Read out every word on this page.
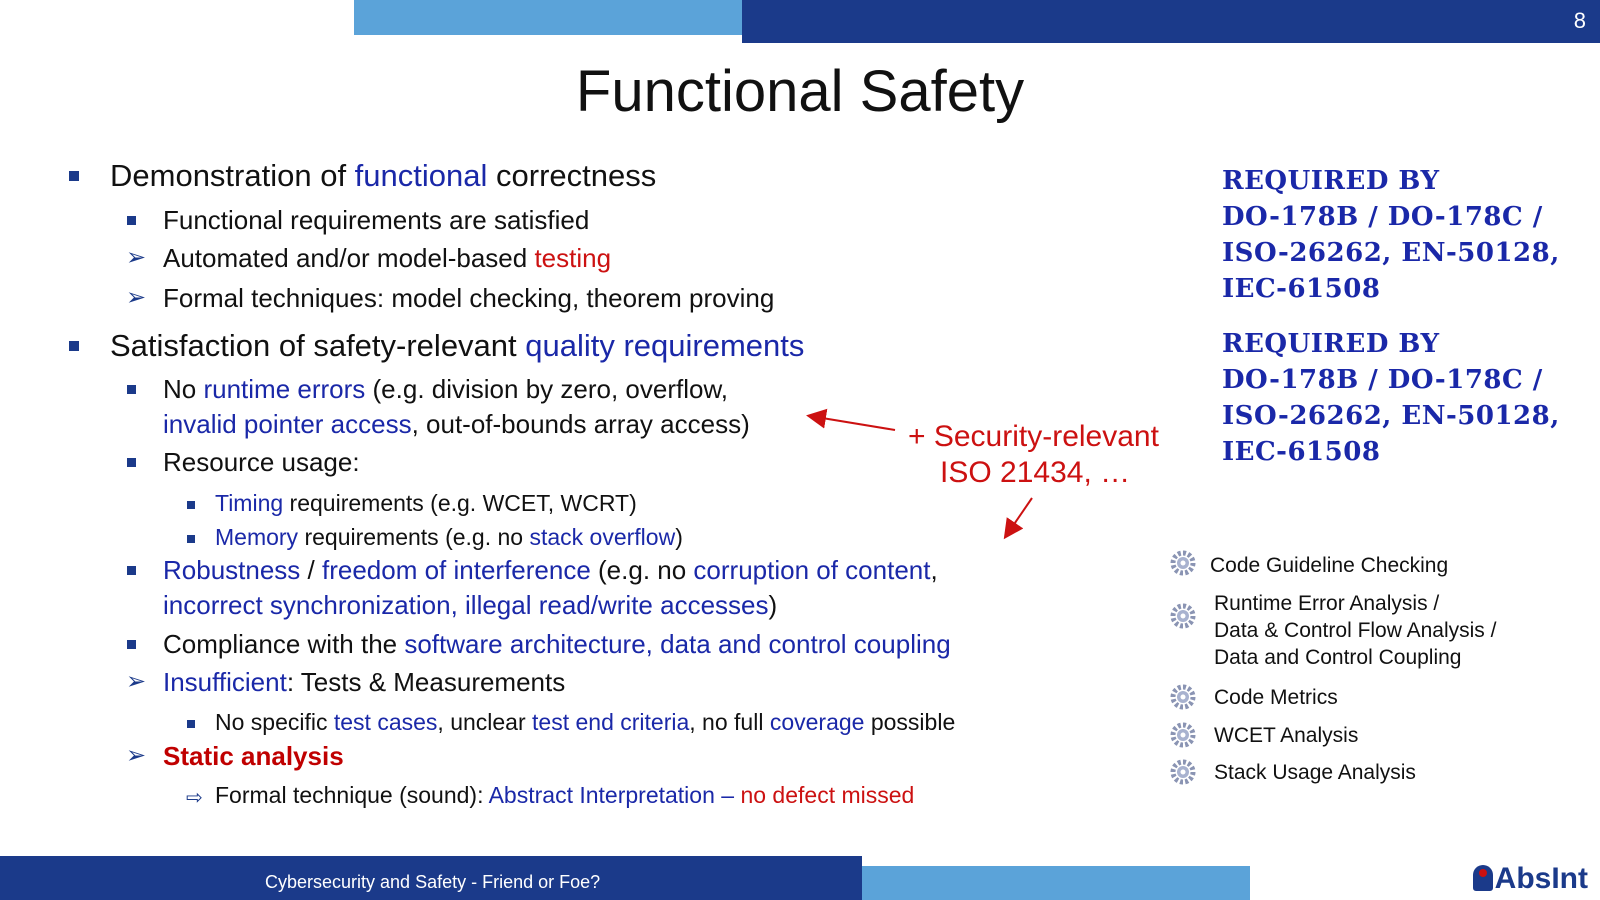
8
Functional Safety
Demonstration of functional correctness
Functional requirements are satisfied
➢ Automated and/or model-based testing
➢ Formal techniques: model checking, theorem proving
Satisfaction of safety-relevant quality requirements
No runtime errors (e.g. division by zero, overflow,
invalid pointer access, out-of-bounds array access)
Resource usage:
Timing requirements (e.g. WCET, WCRT)
Memory requirements (e.g. no stack overflow)
Robustness / freedom of interference (e.g. no corruption of content,
incorrect synchronization, illegal read/write accesses)
Compliance with the software architecture, data and control coupling
➢ Insufficient: Tests & Measurements
No specific test cases, unclear test end criteria, no full coverage possible
➢ Static analysis
⇨ Formal technique (sound): Abstract Interpretation – no defect missed
REQUIRED BY
DO-178B / DO-178C /
ISO-26262, EN-50128,
IEC-61508
REQUIRED BY
DO-178B / DO-178C /
ISO-26262, EN-50128,
IEC-61508
+ Security-relevant
ISO 21434, …
Code Guideline Checking
Runtime Error Analysis /
Data & Control Flow Analysis /
Data and Control Coupling
Code Metrics
WCET Analysis
Stack Usage Analysis
Cybersecurity and Safety - Friend or Foe?	AbsInt
